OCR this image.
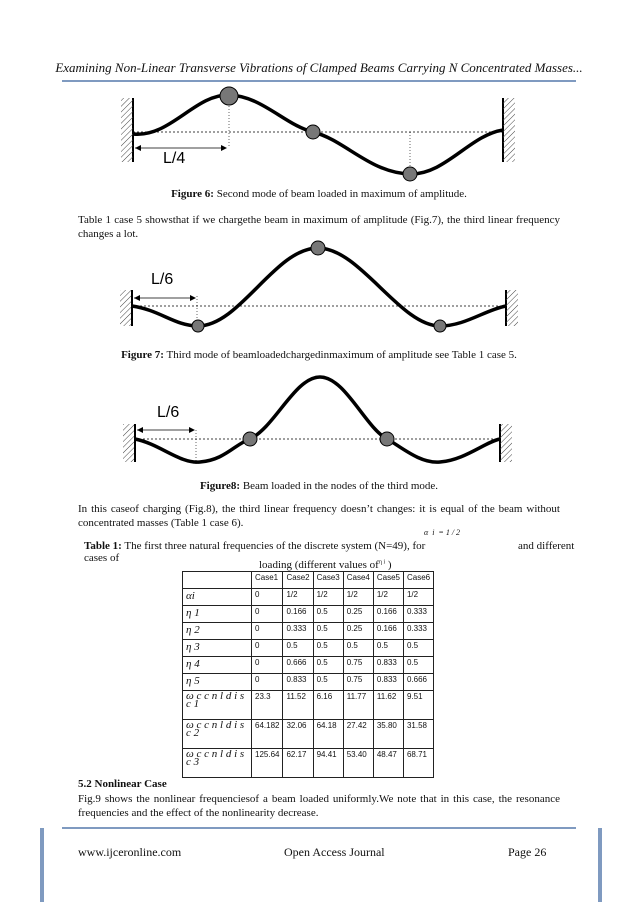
Examining Non-Linear Transverse Vibrations of Clamped Beams Carrying N Concentrated Masses...
L/4
Figure 6: Second mode of beam loaded in maximum of amplitude.
Table 1 case 5 showsthat if we chargethe beam in maximum of amplitude (Fig.7), the third linear frequency changes a lot.
L/6
Figure 7: Third mode of beamloadedchargedinmaximum of amplitude see Table 1 case 5.
L/6
Figure8: Beam loaded in the nodes of the third mode.
In this caseof charging (Fig.8), the third linear frequency doesn’t changes: it is equal of the beam without concentrated masses (Table 1 case 6).
α  i  = 1 / 2
Table 1: The first three natural frequencies of the discrete system (N=49), for	and different cases of
loading (different values $of^{\eta i}$ )
	Case1	Case2	Case3	Case4	Case5	Case6
αi	0	1/2	1/2	1/2	1/2	1/2
η 1	0	0.166	0.5	0.25	0.166	0.333
η 2	0	0.333	0.5	0.25	0.166	0.333
η 3	0	0.5	0.5	0.5	0.5	0.5
η 4	0	0.666	0.5	0.75	0.833	0.5
η 5	0	0.833	0.5	0.75	0.833	0.666
ω c c n l d i s c 1	23.3	11.52	6.16	11.77	11.62	9.51
ω c c n l d i s c 2	64.182	32.06	64.18	27.42	35.80	31.58
ω c c n l d i s c 3	125.64	62.17	94.41	53.40	48.47	68.71
5.2 Nonlinear Case
Fig.9 shows the nonlinear frequenciesof a beam loaded uniformly.We note that in this case, the resonance frequencies and the effect of the nonlinearity decrease.
www.ijceronline.com	Open Access Journal	Page 26
